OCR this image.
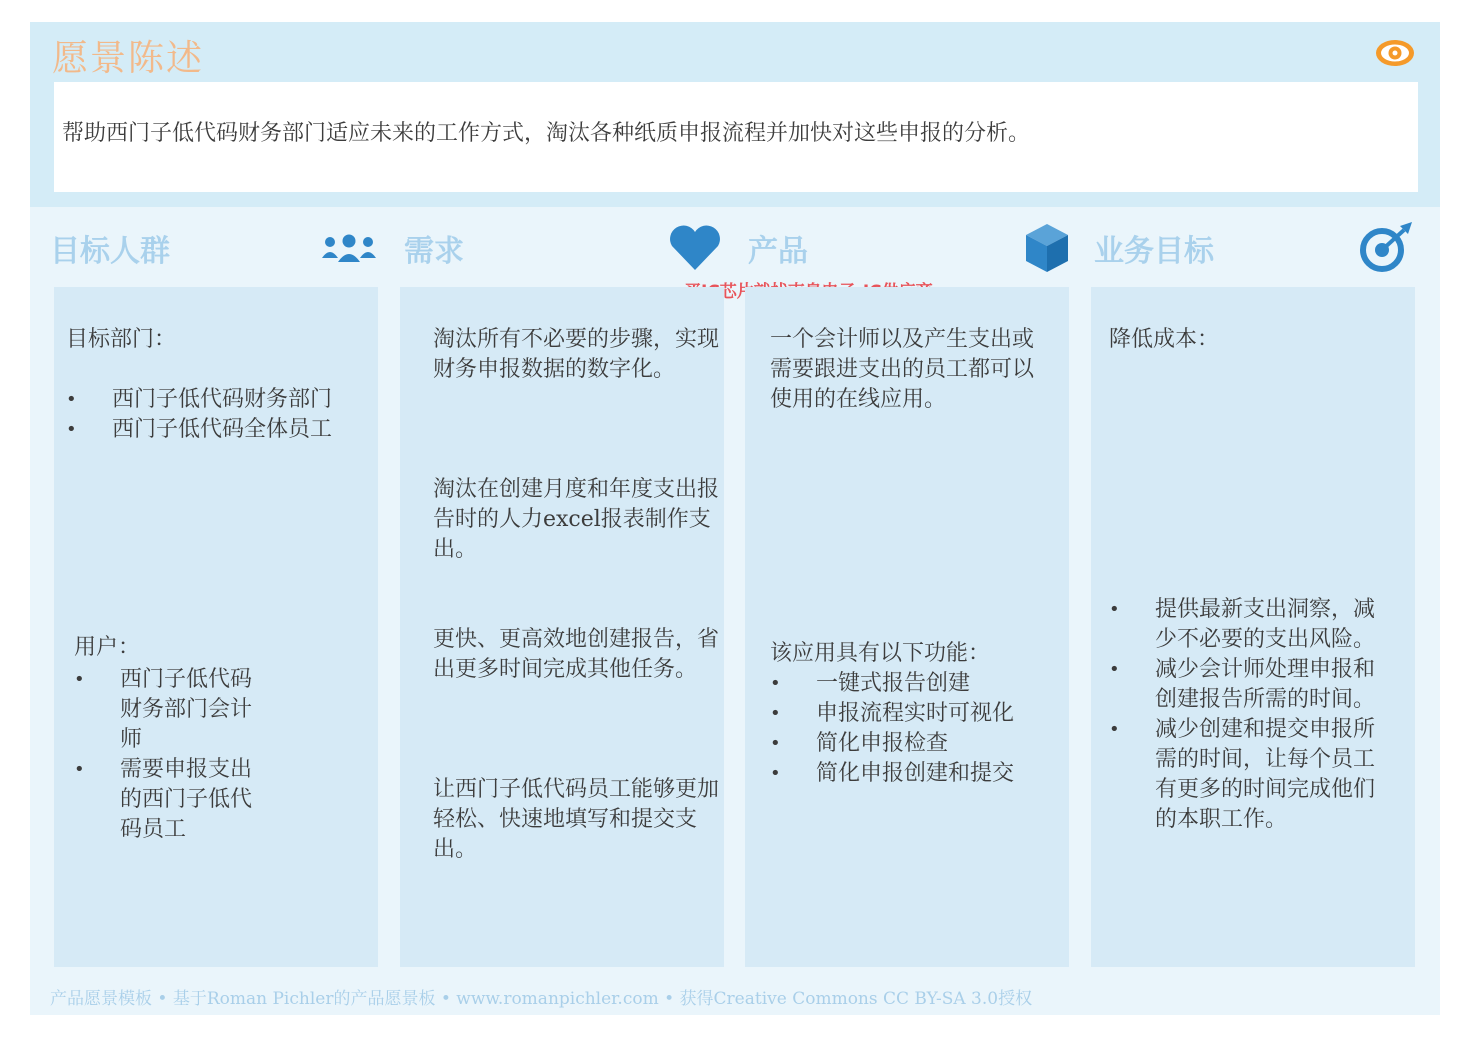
愿景陈述

帮助西门子低代码财务部门适应未来的工作方式，淘汰各种纸质申报流程并加快对这些申报的分析。

目标人群	需求	产品	业务目标

目标部门：

• 西门子低代码财务部门
• 西门子低代码全体员工

用户：

• 西门子低代码财务部门会计师
• 需要申报支出的西门子低代码员工

淘汰所有不必要的步骤，实现财务申报数据的数字化。

淘汰在创建月度和年度支出报告时的人力excel报表制作支出。

更快、更高效地创建报告，省出更多时间完成其他任务。

让西门子低代码员工能够更加轻松、快速地填写和提交支出。

一个会计师以及产生支出或需要跟进支出的员工都可以使用的在线应用。

该应用具有以下功能：

• 一键式报告创建
• 申报流程实时可视化
• 简化申报检查
• 简化申报创建和提交

降低成本：

• 提供最新支出洞察，减少不必要的支出风险。
• 减少会计师处理申报和创建报告所需的时间。
• 减少创建和提交申报所需的时间，让每个员工有更多的时间完成他们的本职工作。

产品愿景模板 • 基于Roman Pichler的产品愿景板 • www.romanpichler.com • 获得Creative Commons CC BY-SA 3.0授权
